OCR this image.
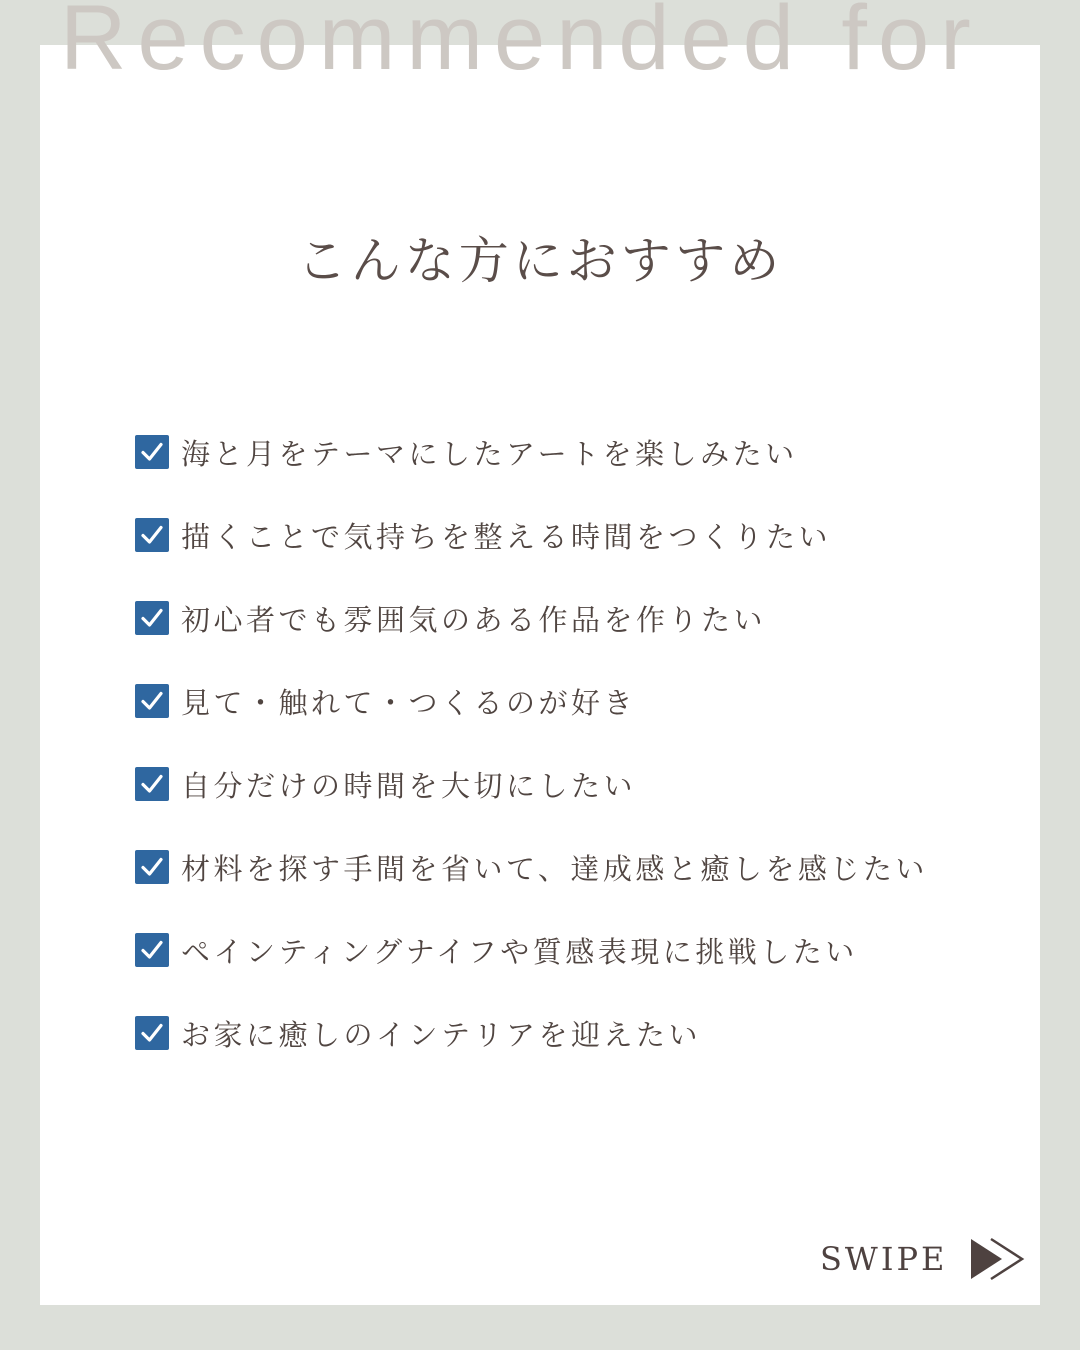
Recommended for
こんな方におすすめ
海と月をテーマにしたアートを楽しみたい
描くことで気持ちを整える時間をつくりたい
初心者でも雰囲気のある作品を作りたい
見て・触れて・つくるのが好き
自分だけの時間を大切にしたい
材料を探す手間を省いて、達成感と癒しを感じたい
ペインティングナイフや質感表現に挑戦したい
お家に癒しのインテリアを迎えたい
SWIPE
